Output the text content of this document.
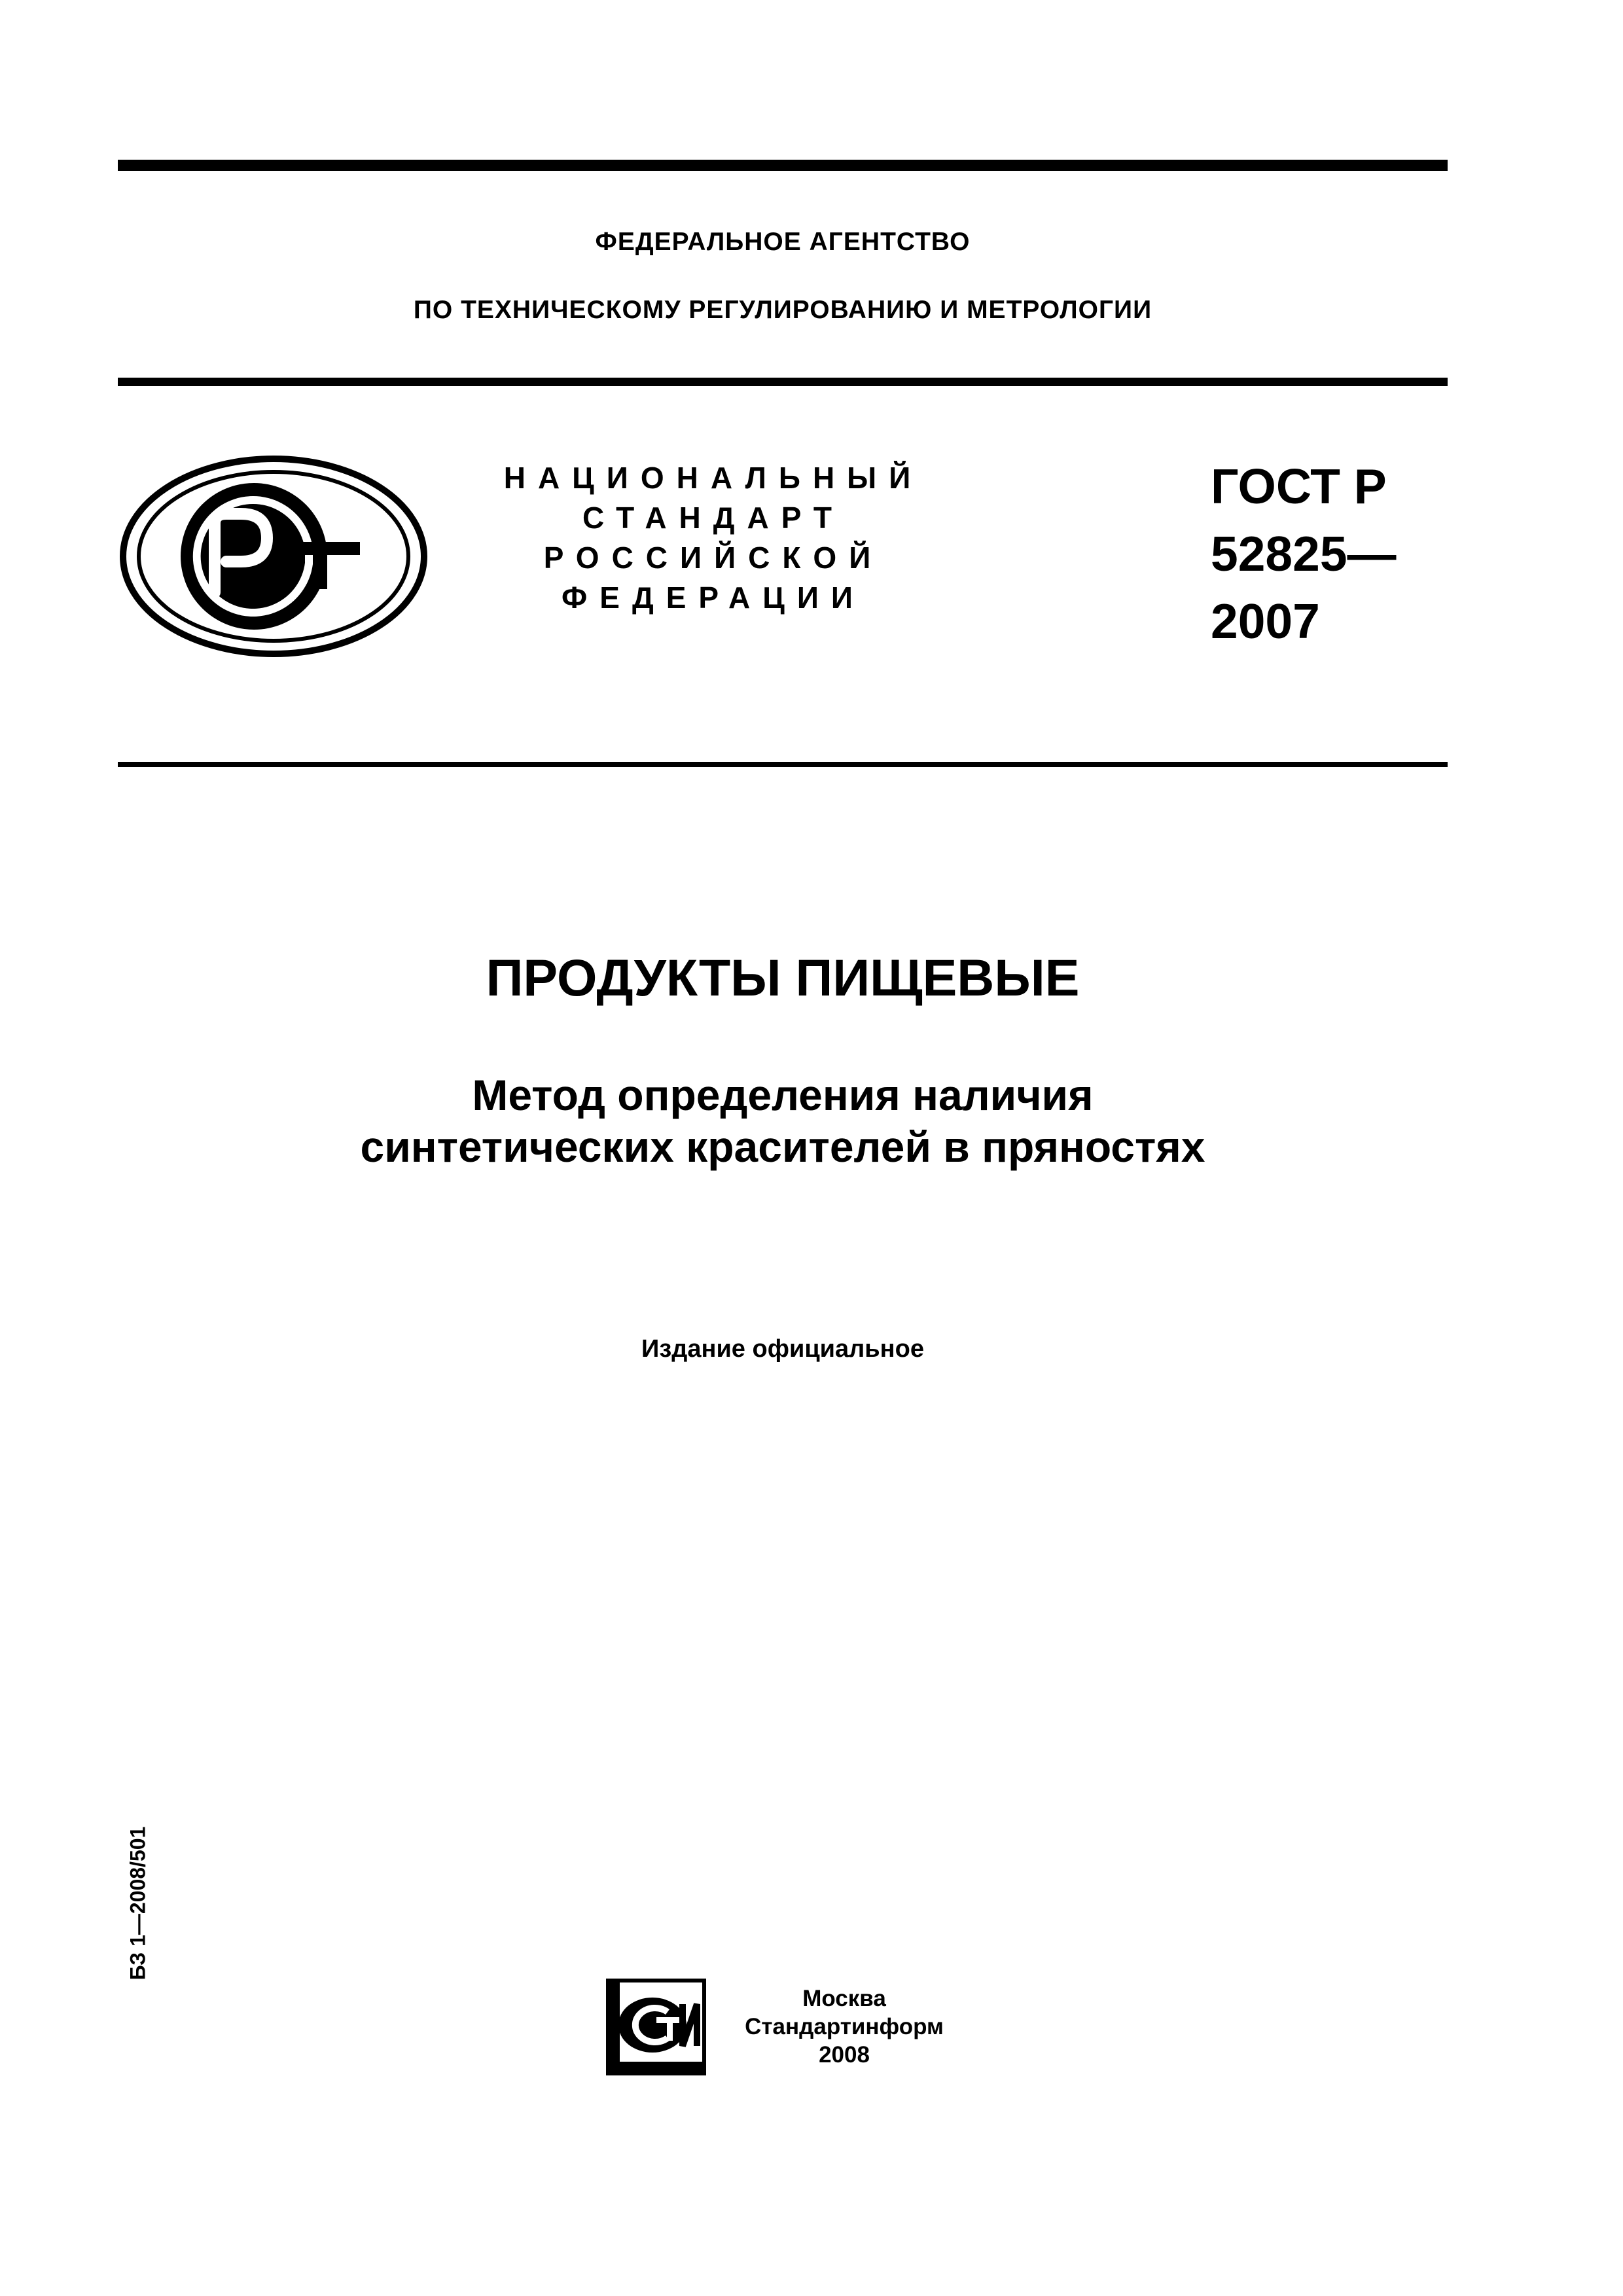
ФЕДЕРАЛЬНОЕ АГЕНТСТВО
ПО ТЕХНИЧЕСКОМУ РЕГУЛИРОВАНИЮ И МЕТРОЛОГИИ
НАЦИОНАЛЬНЫЙ
СТАНДАРТ
РОССИЙСКОЙ
ФЕДЕРАЦИИ
ГОСТ Р
52825—
2007
ПРОДУКТЫ ПИЩЕВЫЕ
Метод определения наличия
синтетических красителей в пряностях
Издание официальное
БЗ 1—2008/501
Москва
Стандартинформ
2008
